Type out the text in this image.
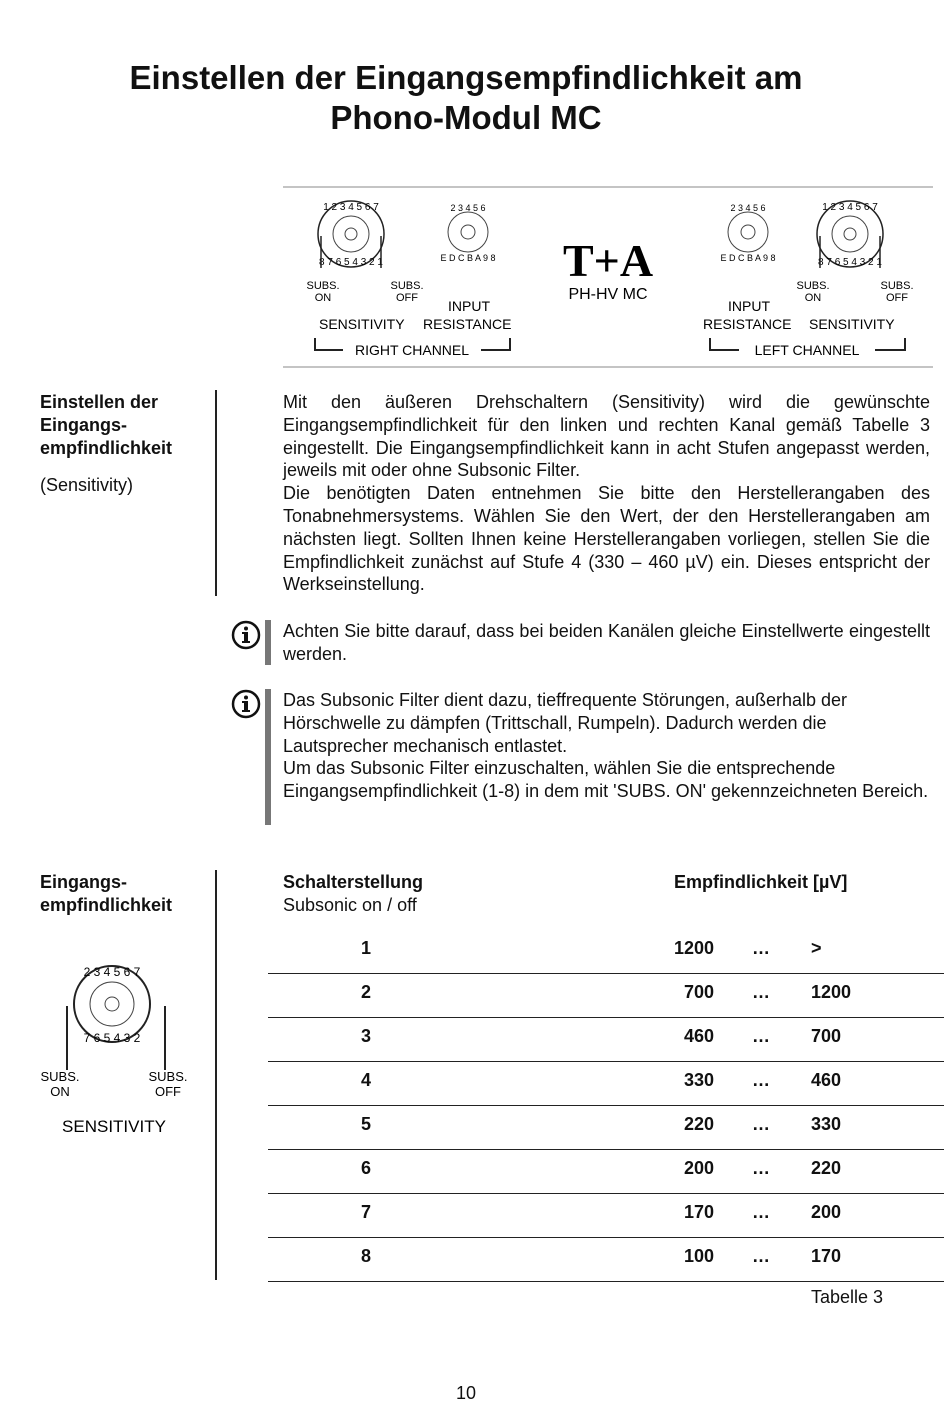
Einstellen der Eingangsempfindlichkeit am
Phono-Modul MC
1 2 3 4 5 6 7
8 7 6 5 4 3 2 1
SUBS.
ON
SUBS.
OFF
2 3 4 5 6
E D C B A 9 8
INPUT
SENSITIVITY RESISTANCE
RIGHT CHANNEL
T+A
PH-HV MC
2 3 4 5 6
E D C B A 9 8
1 2 3 4 5 6 7
8 7 6 5 4 3 2 1
SUBS.
ON
SUBS.
OFF
INPUT
RESISTANCE SENSITIVITY
LEFT CHANNEL
Einstellen der
Eingangs-
empfindlichkeit
(Sensitivity)

Mit den äußeren Drehschaltern (Sensitivity) wird die gewünschte Eingangsempfindlichkeit für den linken und rechten Kanal gemäß Tabelle 3 eingestellt. Die Eingangsempfindlichkeit kann in acht Stufen angepasst werden, jeweils mit oder ohne Subsonic Filter.

Die benötigten Daten entnehmen Sie bitte den Herstellerangaben des Tonabnehmersystems. Wählen Sie den Wert, der den Herstellerangaben am nächsten liegt. Sollten Ihnen keine Herstellerangaben vorliegen, stellen Sie die Empfindlichkeit zunächst auf Stufe 4 (330 – 460 µV) ein. Dieses entspricht der Werkseinstellung.

Achten Sie bitte darauf, dass bei beiden Kanälen gleiche Einstellwerte eingestellt werden.

Das Subsonic Filter dient dazu, tieffrequente Störungen, außerhalb der Hörschwelle zu dämpfen (Trittschall, Rumpeln). Dadurch werden die Lautsprecher mechanisch entlastet.

Um das Subsonic Filter einzuschalten, wählen Sie die entsprechende Eingangsempfindlichkeit (1-8) in dem mit 'SUBS. ON' gekennzeichneten Bereich.

Eingangs-
empfindlichkeit
2 3 4 5 6 7
7 6 5 4 3 2
SUBS.
ON
SUBS.
OFF
SENSITIVITY
Schalterstellung
Subsonic on / off
Empfindlichkeit [µV]
1	1200 … >
2	700 … 1200
3	460 … 700
4	330 … 460
5	220 … 330
6	200 … 220
7	170 … 200
8	100 … 170
Tabelle 3
10
